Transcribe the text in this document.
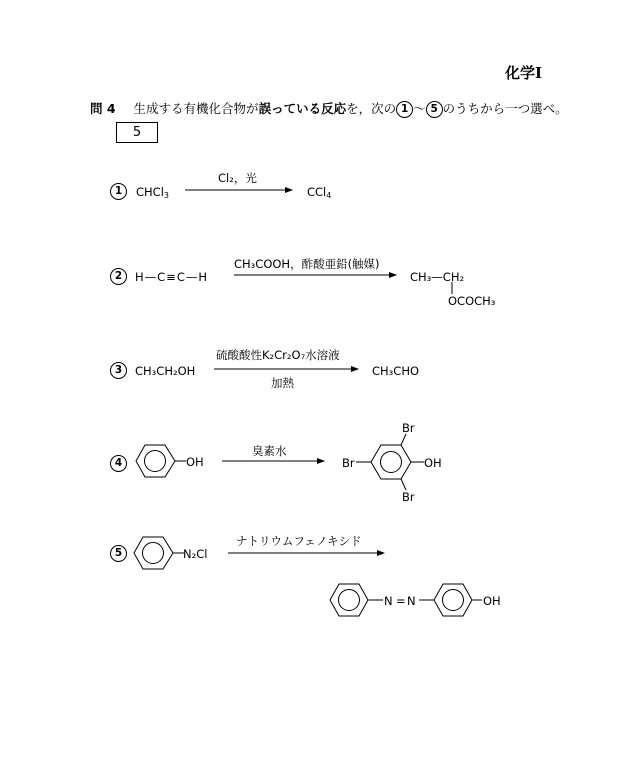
化学Ⅰ
問 4 生成する有機化合物が誤っている反応を，次の 1 〜 5 のうちから一つ選べ。
5
1	CHCl$_3$
Cl₂，光
CCl$_4$
2	H—C≡C—H
CH₃COOH，酢酸亜鉛(触媒)
CH₃—CH₂
OCOCH₃
3	CH₃CH₂OH
硫酸酸性K₂Cr₂O₇水溶液
加熱
CH₃CHO
4	OH
臭素水
Br
Br
Br
OH
5	N₂Cl
ナトリウムフェノキシド
N = N	OH
